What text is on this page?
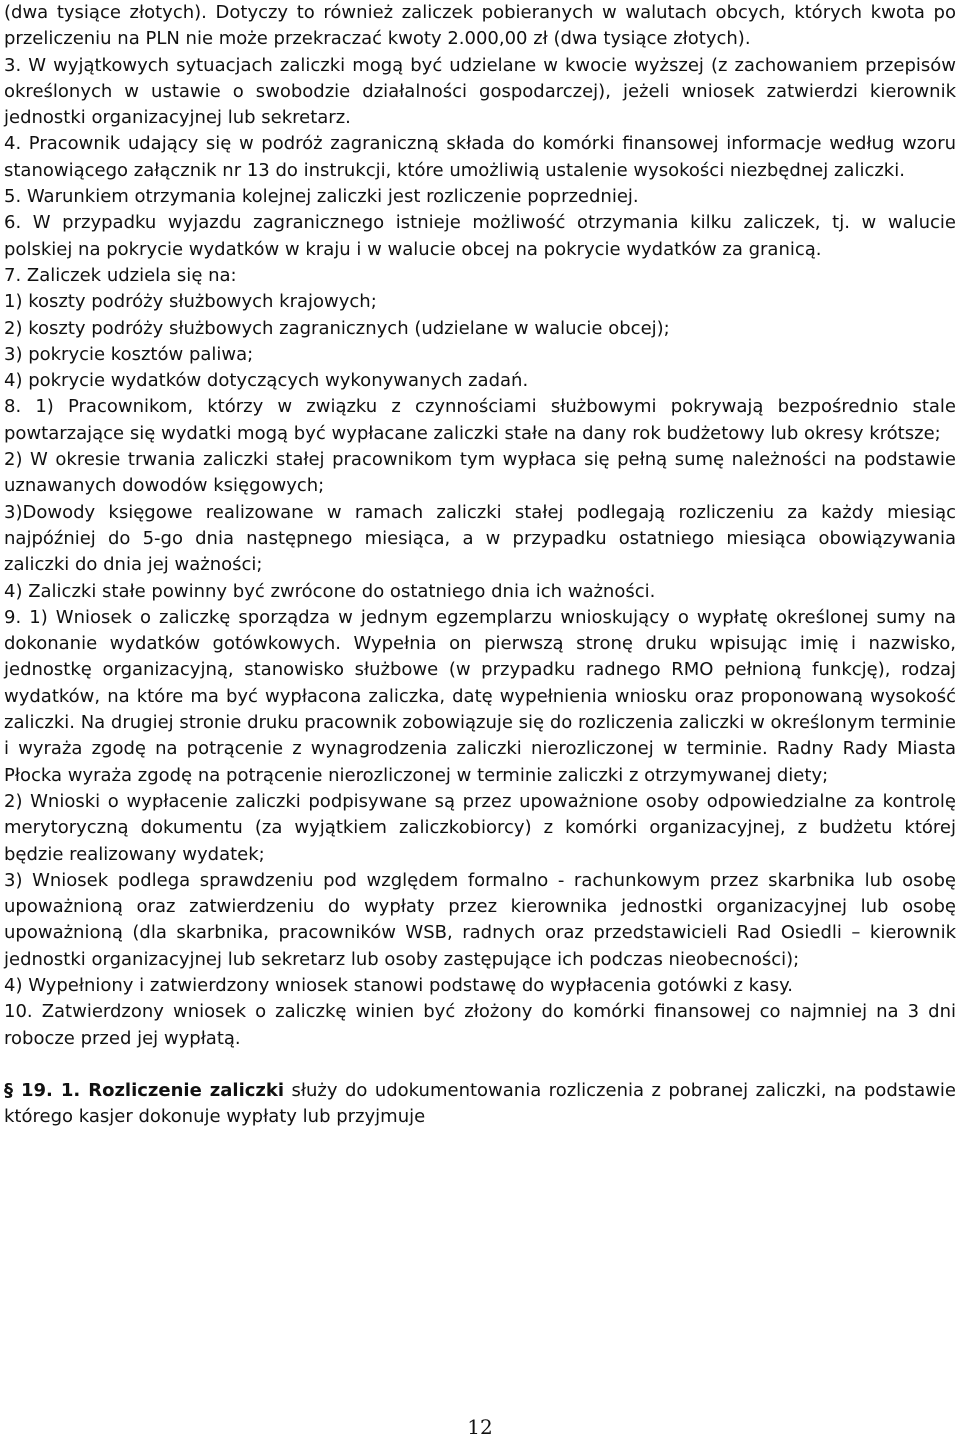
(dwa tysiące złotych). Dotyczy to również zaliczek pobieranych w walutach obcych, których kwota po przeliczeniu na PLN nie może przekraczać kwoty 2.000,00 zł (dwa tysiące złotych).

3. W wyjątkowych sytuacjach zaliczki mogą być udzielane w kwocie wyższej (z zachowaniem przepisów określonych w ustawie o swobodzie działalności gospodarczej), jeżeli wniosek zatwierdzi kierownik jednostki organizacyjnej lub sekretarz.

4. Pracownik udający się w podróż zagraniczną składa do komórki finansowej informacje według wzoru stanowiącego załącznik nr 13 do instrukcji, które umożliwią ustalenie wysokości niezbędnej zaliczki.

5. Warunkiem otrzymania kolejnej zaliczki jest rozliczenie poprzedniej.

6. W przypadku wyjazdu zagranicznego istnieje możliwość otrzymania kilku zaliczek, tj. w walucie polskiej na pokrycie wydatków w kraju i w walucie obcej na pokrycie wydatków za granicą.

7. Zaliczek udziela się na:

1) koszty podróży służbowych krajowych;

2) koszty podróży służbowych zagranicznych (udzielane w walucie obcej);

3) pokrycie kosztów paliwa;

4) pokrycie wydatków dotyczących wykonywanych zadań.

8. 1) Pracownikom, którzy w związku z czynnościami służbowymi pokrywają bezpośrednio stale powtarzające się wydatki mogą być wypłacane zaliczki stałe na dany rok budżetowy lub okresy krótsze;

2) W okresie trwania zaliczki stałej pracownikom tym wypłaca się pełną sumę należności na podstawie uznawanych dowodów księgowych;

3)Dowody księgowe realizowane w ramach zaliczki stałej podlegają rozliczeniu za każdy miesiąc najpóźniej do 5-go dnia następnego miesiąca, a w przypadku ostatniego miesiąca obowiązywania zaliczki do dnia jej ważności;

4) Zaliczki stałe powinny być zwrócone do ostatniego dnia ich ważności.

9. 1) Wniosek o zaliczkę sporządza w jednym egzemplarzu wnioskujący o wypłatę określonej sumy na dokonanie wydatków gotówkowych. Wypełnia on pierwszą stronę druku wpisując imię i nazwisko, jednostkę organizacyjną, stanowisko służbowe (w przypadku radnego RMO pełnioną funkcję), rodzaj wydatków, na które ma być wypłacona zaliczka, datę wypełnienia wniosku oraz proponowaną wysokość zaliczki. Na drugiej stronie druku pracownik zobowiązuje się do rozliczenia zaliczki w określonym terminie i wyraża zgodę na potrącenie z wynagrodzenia zaliczki nierozliczonej w terminie. Radny Rady Miasta Płocka wyraża zgodę na potrącenie nierozliczonej w terminie zaliczki z otrzymywanej diety;

2) Wnioski o wypłacenie zaliczki podpisywane są przez upoważnione osoby odpowiedzialne za kontrolę merytoryczną dokumentu (za wyjątkiem zaliczkobiorcy) z komórki organizacyjnej, z budżetu której będzie realizowany wydatek;

3) Wniosek podlega sprawdzeniu pod względem formalno - rachunkowym przez skarbnika lub osobę upoważnioną oraz zatwierdzeniu do wypłaty przez kierownika jednostki organizacyjnej lub osobę upoważnioną (dla skarbnika, pracowników WSB, radnych oraz przedstawicieli Rad Osiedli – kierownik jednostki organizacyjnej lub sekretarz lub osoby zastępujące ich podczas nieobecności);

4) Wypełniony i zatwierdzony wniosek stanowi podstawę do wypłacenia gotówki z kasy.

10. Zatwierdzony wniosek o zaliczkę winien być złożony do komórki finansowej co najmniej na 3 dni robocze przed jej wypłatą.

§ 19. 1. Rozliczenie zaliczki służy do udokumentowania rozliczenia z pobranej zaliczki, na podstawie którego kasjer dokonuje wypłaty lub przyjmuje

12
